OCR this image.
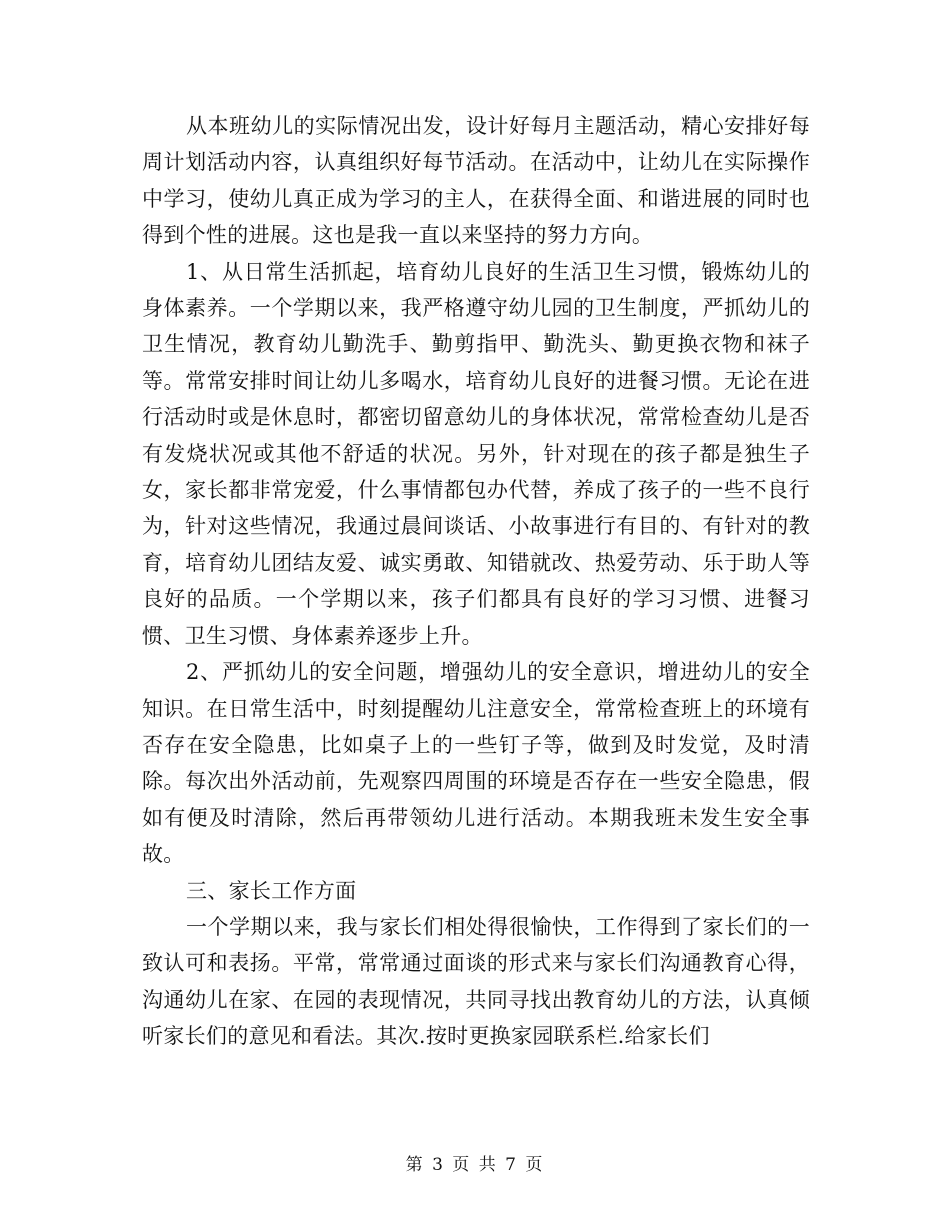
从本班幼儿的实际情况出发，设计好每月主题活动，精心安排好每周计划活动内容，认真组织好每节活动。在活动中，让幼儿在实际操作中学习，使幼儿真正成为学习的主人，在获得全面、和谐进展的同时也得到个性的进展。这也是我一直以来坚持的努力方向。

1、从日常生活抓起，培育幼儿良好的生活卫生习惯，锻炼幼儿的身体素养。一个学期以来，我严格遵守幼儿园的卫生制度，严抓幼儿的卫生情况，教育幼儿勤洗手、勤剪指甲、勤洗头、勤更换衣物和袜子等。常常安排时间让幼儿多喝水，培育幼儿良好的进餐习惯。无论在进行活动时或是休息时，都密切留意幼儿的身体状况，常常检查幼儿是否有发烧状况或其他不舒适的状况。另外，针对现在的孩子都是独生子女，家长都非常宠爱，什么事情都包办代替，养成了孩子的一些不良行为，针对这些情况，我通过晨间谈话、小故事进行有目的、有针对的教育，培育幼儿团结友爱、诚实勇敢、知错就改、热爱劳动、乐于助人等良好的品质。一个学期以来，孩子们都具有良好的学习习惯、进餐习惯、卫生习惯、身体素养逐步上升。

2、严抓幼儿的安全问题，增强幼儿的安全意识，增进幼儿的安全知识。在日常生活中，时刻提醒幼儿注意安全，常常检查班上的环境有否存在安全隐患，比如桌子上的一些钉子等，做到及时发觉，及时清除。每次出外活动前，先观察四周围的环境是否存在一些安全隐患，假如有便及时清除，然后再带领幼儿进行活动。本期我班未发生安全事故。

三、家长工作方面

一个学期以来，我与家长们相处得很愉快，工作得到了家长们的一致认可和表扬。平常，常常通过面谈的形式来与家长们沟通教育心得，沟通幼儿在家、在园的表现情况，共同寻找出教育幼儿的方法，认真倾听家长们的意见和看法。其次.按时更换家园联系栏.给家长们

第 3 页 共 7 页
